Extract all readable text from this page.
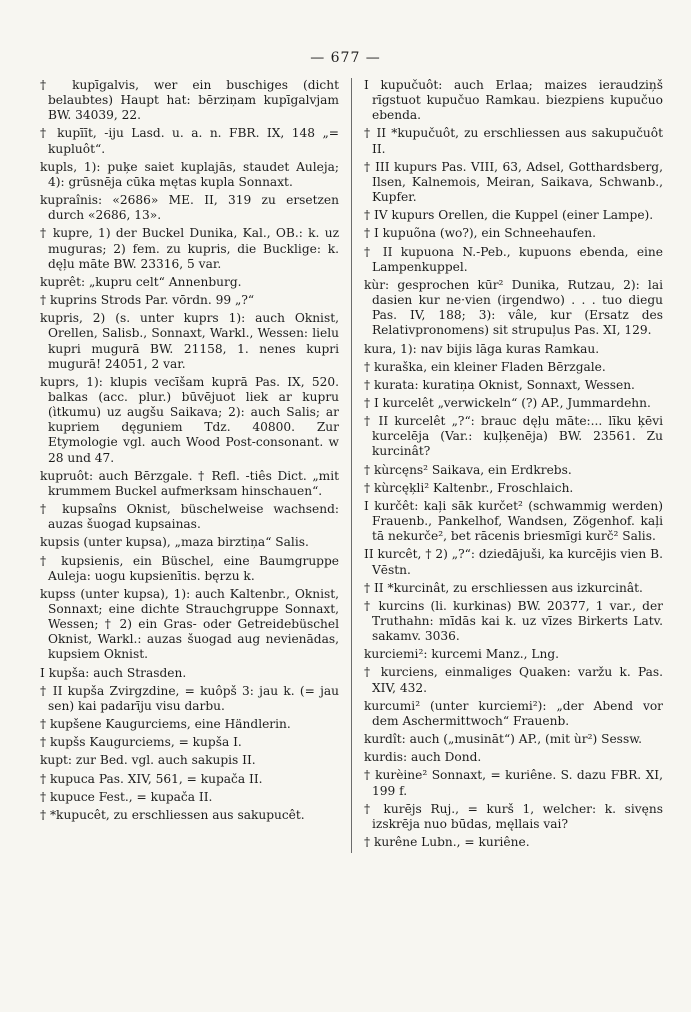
— 677 —

† kupīgalvis, wer ein buschiges (dicht belaubtes) Haupt hat: bērziņam kupīgalvjam BW. 34039, 22.

† kupīīt, -iju Lasd. u. a. n. FBR. IX, 148 „= kupluôt“.

kupls, 1): puķe saiet kuplajās, staudet Auleja; 4): grūsnēja cūka mętas kupla Sonnaxt.

kupraînis: «2686» ME. II, 319 zu ersetzen durch «2686, 13».

† kupre, 1) der Buckel Dunika, Kal., OB.: k. uz muguras; 2) fem. zu kupris, die Bucklige: k. dęļu māte BW. 23316, 5 var.

kuprêt: „kupru celt“ Annenburg.

† kuprins Strods Par. vōrdn. 99 „?“

kupris, 2) (s. unter kuprs 1): auch Oknist, Orellen, Salisb., Sonnaxt, Warkl., Wessen: lielu kupri mugurā BW. 21158, 1. nenes kupri mugurā! 24051, 2 var.

kuprs, 1): klupis vecīšam kuprā Pas. IX, 520. balkas (acc. plur.) būvējuot liek ar kupru (ìtkumu) uz augšu Saikava; 2): auch Salis; ar kupriem dęguniem Tdz. 40800. Zur Etymologie vgl. auch Wood Post-consonant. w 28 und 47.

kupruôt: auch Bērzgale. † Refl. -tiês Dict. „mit krummem Buckel aufmerksam hinschauen“.

† kupsaîns Oknist, büschelweise wachsend: auzas šuogad kupsainas.

kupsis (unter kupsa), „maza birztiņa“ Salis.

† kupsienis, ein Büschel, eine Baumgruppe Auleja: uogu kupsienītis. bęrzu k.

kupss (unter kupsa), 1): auch Kaltenbr., Oknist, Sonnaxt; eine dichte Strauchgruppe Sonnaxt, Wessen; † 2) ein Gras- oder Getreidebüschel Oknist, Warkl.: auzas šuogad aug nevienādas, kupsiem Oknist.

I kupša: auch Strasden.

† II kupša Zvirgzdine, = kuôpš 3: jau k. (= jau sen) kai padarīju visu darbu.

† kupšene Kaugurciems, eine Händlerin.

† kupšs Kaugurciems, = kupša I.

kupt: zur Bed. vgl. auch sakupis II.

† kupuca Pas. XIV, 561, = kupača II.

† kupuce Fest., = kupača II.

† *kupucêt, zu erschliessen aus sakupucêt.

I kupučuôt: auch Erlaa; maizes ieraudziņš rīgstuot kupučuo Ramkau. biezpiens kupučuo ebenda.

† II *kupučuôt, zu erschliessen aus sakupučuôt II.

† III kupurs Pas. VIII, 63, Adsel, Gotthardsberg, Ilsen, Kalnemois, Meiran, Saikava, Schwanb., Kupfer.

† IV kupurs Orellen, die Kuppel (einer Lampe).

† I kupuõna (wo?), ein Schneehaufen.

† II kupuona N.-Peb., kupuons ebenda, eine Lampenkuppel.

kùr: gesprochen kūr² Dunika, Rutzau, 2): lai dasien kur ne·vien (irgendwo) . . . tuo diegu Pas. IV, 188; 3): vâle, kur (Ersatz des Relativpronomens) sit strupuļus Pas. XI, 129.

kura, 1): nav bijis lāga kuras Ramkau.

† kuraška, ein kleiner Fladen Bērzgale.

† kurata: kuratiņa Oknist, Sonnaxt, Wessen.

† I kurcelêt „verwickeln“ (?) AP., Jummardehn.

† II kurcelêt „?“: brauc dęļu māte:... līku ķēvi kurcelēja (Var.: kuļķenēja) BW. 23561. Zu kurcinât?

† kùrcęns² Saikava, ein Erdkrebs.

† kùrcęķli² Kaltenbr., Froschlaich.

I kurčêt: kaļi sāk kurčet² (schwammig werden) Frauenb., Pankelhof, Wandsen, Zögenhof. kaļi tā nekurče², bet rācenis briesmīgi kurč² Salis.

II kurcêt, † 2) „?“: dziedājuši, ka kurcējis vien B. Vēstn.

† II *kurcinât, zu erschliessen aus izkurcinât.

† kurcins (li. kurkinas) BW. 20377, 1 var., der Truthahn: mīdās kai k. uz vīzes Birkerts Latv. sakamv. 3036.

kurciemi²: kurcemi Manz., Lng.

† kurciens, einmaliges Quaken: varžu k. Pas. XIV, 432.

kurcumi² (unter kurciemi²): „der Abend vor dem Aschermittwoch“ Frauenb.

kurdît: auch („musināt“) AP., (mit ùr²) Sessw.

kurdis: auch Dond.

† kurèine² Sonnaxt, = kuriêne. S. dazu FBR. XI, 199 f.

† kurējs Ruj., = kurš 1, welcher: k. sivęns izskrēja nuo būdas, męllais vai?

† kurêne Lubn., = kuriêne.
